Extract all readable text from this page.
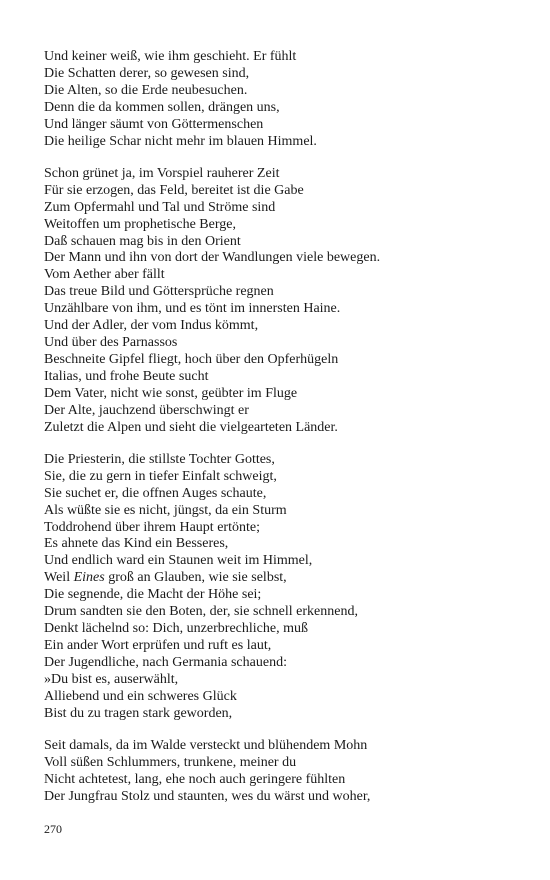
Und keiner weiß, wie ihm geschieht. Er fühlt
Die Schatten derer, so gewesen sind,
Die Alten, so die Erde neubesuchen.
Denn die da kommen sollen, drängen uns,
Und länger säumt von Göttermenschen
Die heilige Schar nicht mehr im blauen Himmel.
Schon grünet ja, im Vorspiel rauherer Zeit
Für sie erzogen, das Feld, bereitet ist die Gabe
Zum Opfermahl und Tal und Ströme sind
Weitoffen um prophetische Berge,
Daß schauen mag bis in den Orient
Der Mann und ihn von dort der Wandlungen viele bewegen.
Vom Aether aber fällt
Das treue Bild und Göttersprüche regnen
Unzählbare von ihm, und es tönt im innersten Haine.
Und der Adler, der vom Indus kömmt,
Und über des Parnassos
Beschneite Gipfel fliegt, hoch über den Opferhügeln
Italias, und frohe Beute sucht
Dem Vater, nicht wie sonst, geübter im Fluge
Der Alte, jauchzend überschwingt er
Zuletzt die Alpen und sieht die vielgearteten Länder.
Die Priesterin, die stillste Tochter Gottes,
Sie, die zu gern in tiefer Einfalt schweigt,
Sie suchet er, die offnen Auges schaute,
Als wüßte sie es nicht, jüngst, da ein Sturm
Toddrohend über ihrem Haupt ertönte;
Es ahnete das Kind ein Besseres,
Und endlich ward ein Staunen weit im Himmel,
Weil Eines groß an Glauben, wie sie selbst,
Die segnende, die Macht der Höhe sei;
Drum sandten sie den Boten, der, sie schnell erkennend,
Denkt lächelnd so: Dich, unzerbrechliche, muß
Ein ander Wort erprüfen und ruft es laut,
Der Jugendliche, nach Germania schauend:
»Du bist es, auserwählt,
Alliebend und ein schweres Glück
Bist du zu tragen stark geworden,
Seit damals, da im Walde versteckt und blühendem Mohn
Voll süßen Schlummers, trunkene, meiner du
Nicht achtetest, lang, ehe noch auch geringere fühlten
Der Jungfrau Stolz und staunten, wes du wärst und woher,
270
